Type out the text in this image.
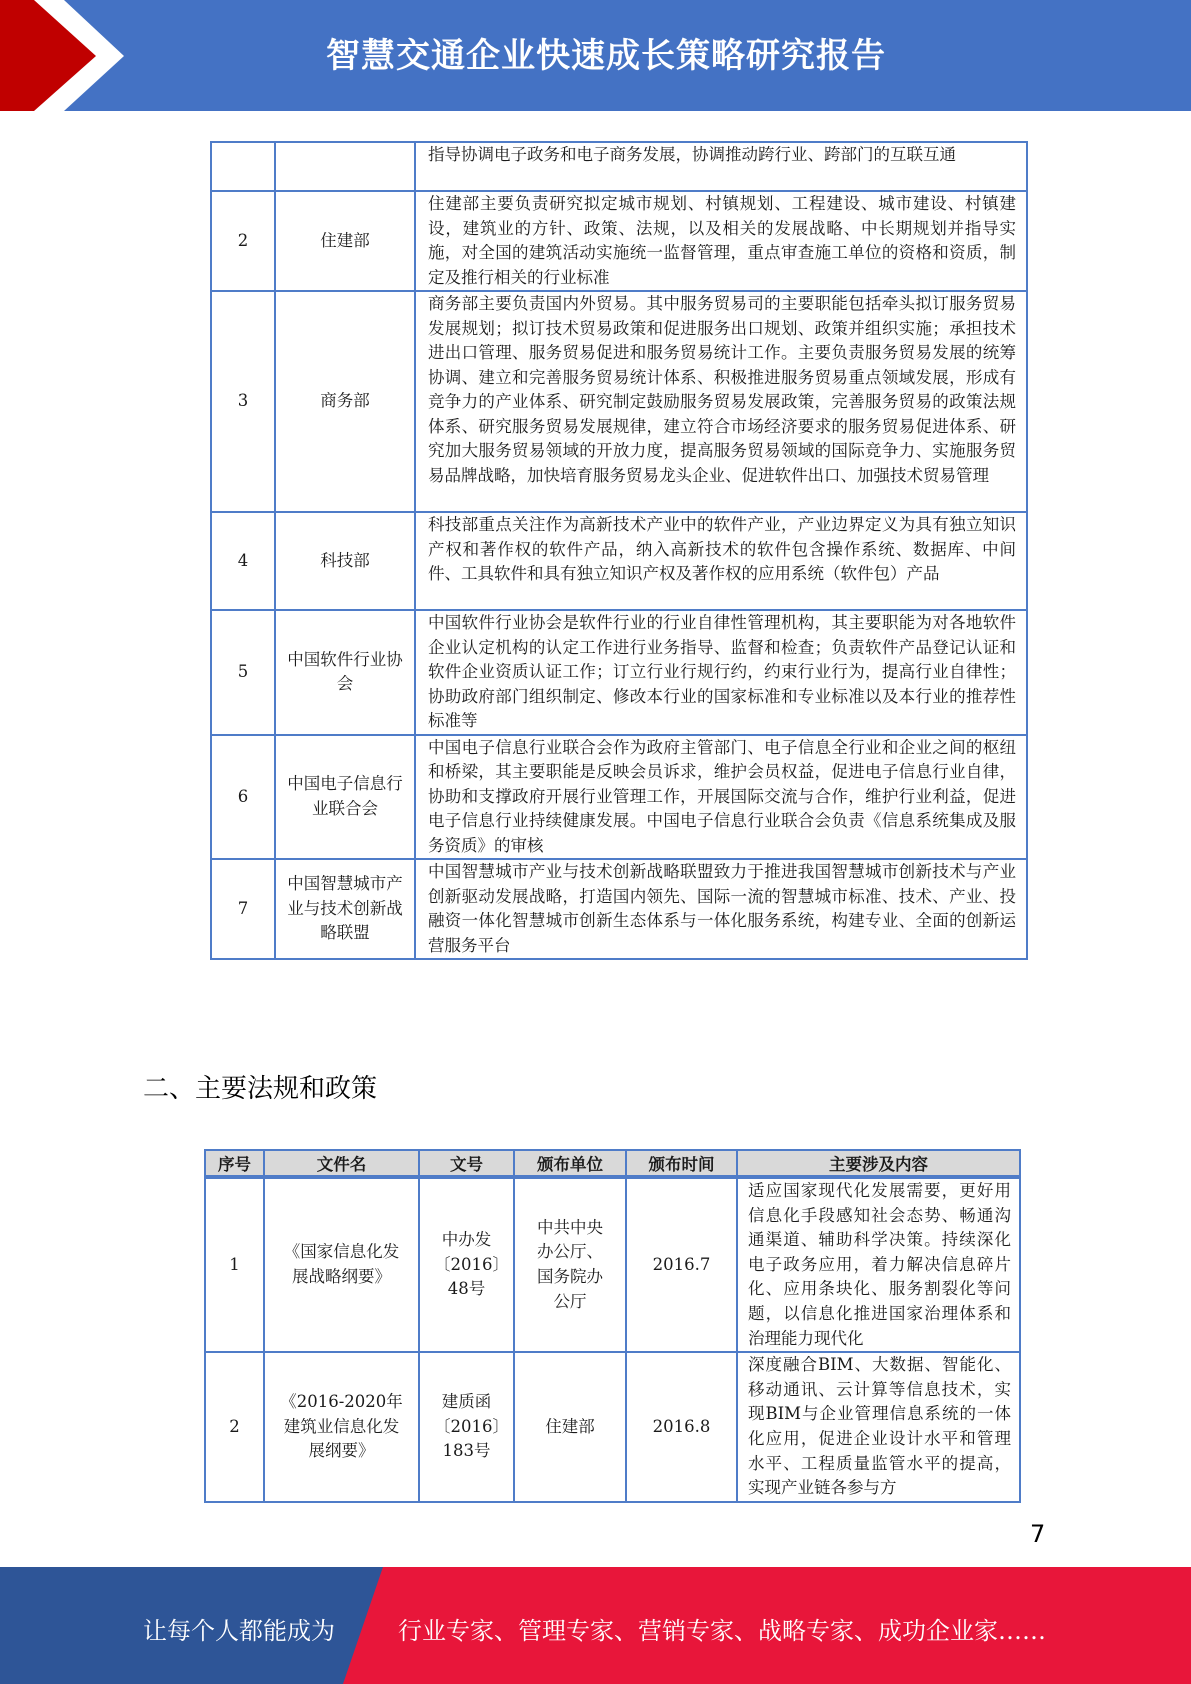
智慧交通企业快速成长策略研究报告
		指导协调电子政务和电子商务发展，协调推动跨行业、跨部门的互联互通
2	住建部	住建部主要负责研究拟定城市规划、村镇规划、工程建设、城市建设、村镇建设，建筑业的方针、政策、法规，以及相关的发展战略、中长期规划并指导实施，对全国的建筑活动实施统一监督管理，重点审查施工单位的资格和资质，制定及推行相关的行业标准
3	商务部	商务部主要负责国内外贸易。其中服务贸易司的主要职能包括牵头拟订服务贸易发展规划；拟订技术贸易政策和促进服务出口规划、政策并组织实施；承担技术进出口管理、服务贸易促进和服务贸易统计工作。主要负责服务贸易发展的统筹协调、建立和完善服务贸易统计体系、积极推进服务贸易重点领域发展，形成有竞争力的产业体系、研究制定鼓励服务贸易发展政策，完善服务贸易的政策法规体系、研究服务贸易发展规律，建立符合市场经济要求的服务贸易促进体系、研究加大服务贸易领域的开放力度，提高服务贸易领域的国际竞争力、实施服务贸易品牌战略，加快培育服务贸易龙头企业、促进软件出口、加强技术贸易管理
4	科技部	科技部重点关注作为高新技术产业中的软件产业，产业边界定义为具有独立知识产权和著作权的软件产品，纳入高新技术的软件包含操作系统、数据库、中间件、工具软件和具有独立知识产权及著作权的应用系统（软件包）产品
5	中国软件行业协会	中国软件行业协会是软件行业的行业自律性管理机构，其主要职能为对各地软件企业认定机构的认定工作进行业务指导、监督和检查；负责软件产品登记认证和软件企业资质认证工作；订立行业行规行约，约束行业行为，提高行业自律性；协助政府部门组织制定、修改本行业的国家标准和专业标准以及本行业的推荐性标准等
6	中国电子信息行业联合会	中国电子信息行业联合会作为政府主管部门、电子信息全行业和企业之间的枢纽和桥梁，其主要职能是反映会员诉求，维护会员权益，促进电子信息行业自律，协助和支撑政府开展行业管理工作，开展国际交流与合作，维护行业利益，促进电子信息行业持续健康发展。中国电子信息行业联合会负责《信息系统集成及服务资质》的审核
7	中国智慧城市产业与技术创新战略联盟	中国智慧城市产业与技术创新战略联盟致力于推进我国智慧城市创新技术与产业创新驱动发展战略，打造国内领先、国际一流的智慧城市标准、技术、产业、投融资一体化智慧城市创新生态体系与一体化服务系统，构建专业、全面的创新运营服务平台
二、主要法规和政策
序号	文件名	文号	颁布单位	颁布时间	主要涉及内容
1	《国家信息化发展战略纲要》	中办发〔2016〕48号	中共中央办公厅、国务院办公厅	2016.7	适应国家现代化发展需要，更好用信息化手段感知社会态势、畅通沟通渠道、辅助科学决策。持续深化电子政务应用，着力解决信息碎片化、应用条块化、服务割裂化等问题，以信息化推进国家治理体系和治理能力现代化
2	《2016-2020年建筑业信息化发展纲要》	建质函〔2016〕183号	住建部	2016.8	深度融合BIM、大数据、智能化、移动通讯、云计算等信息技术，实现BIM与企业管理信息系统的一体化应用，促进企业设计水平和管理水平、工程质量监管水平的提高，实现产业链各参与方
7
让每个人都能成为	行业专家、管理专家、营销专家、战略专家、成功企业家……
